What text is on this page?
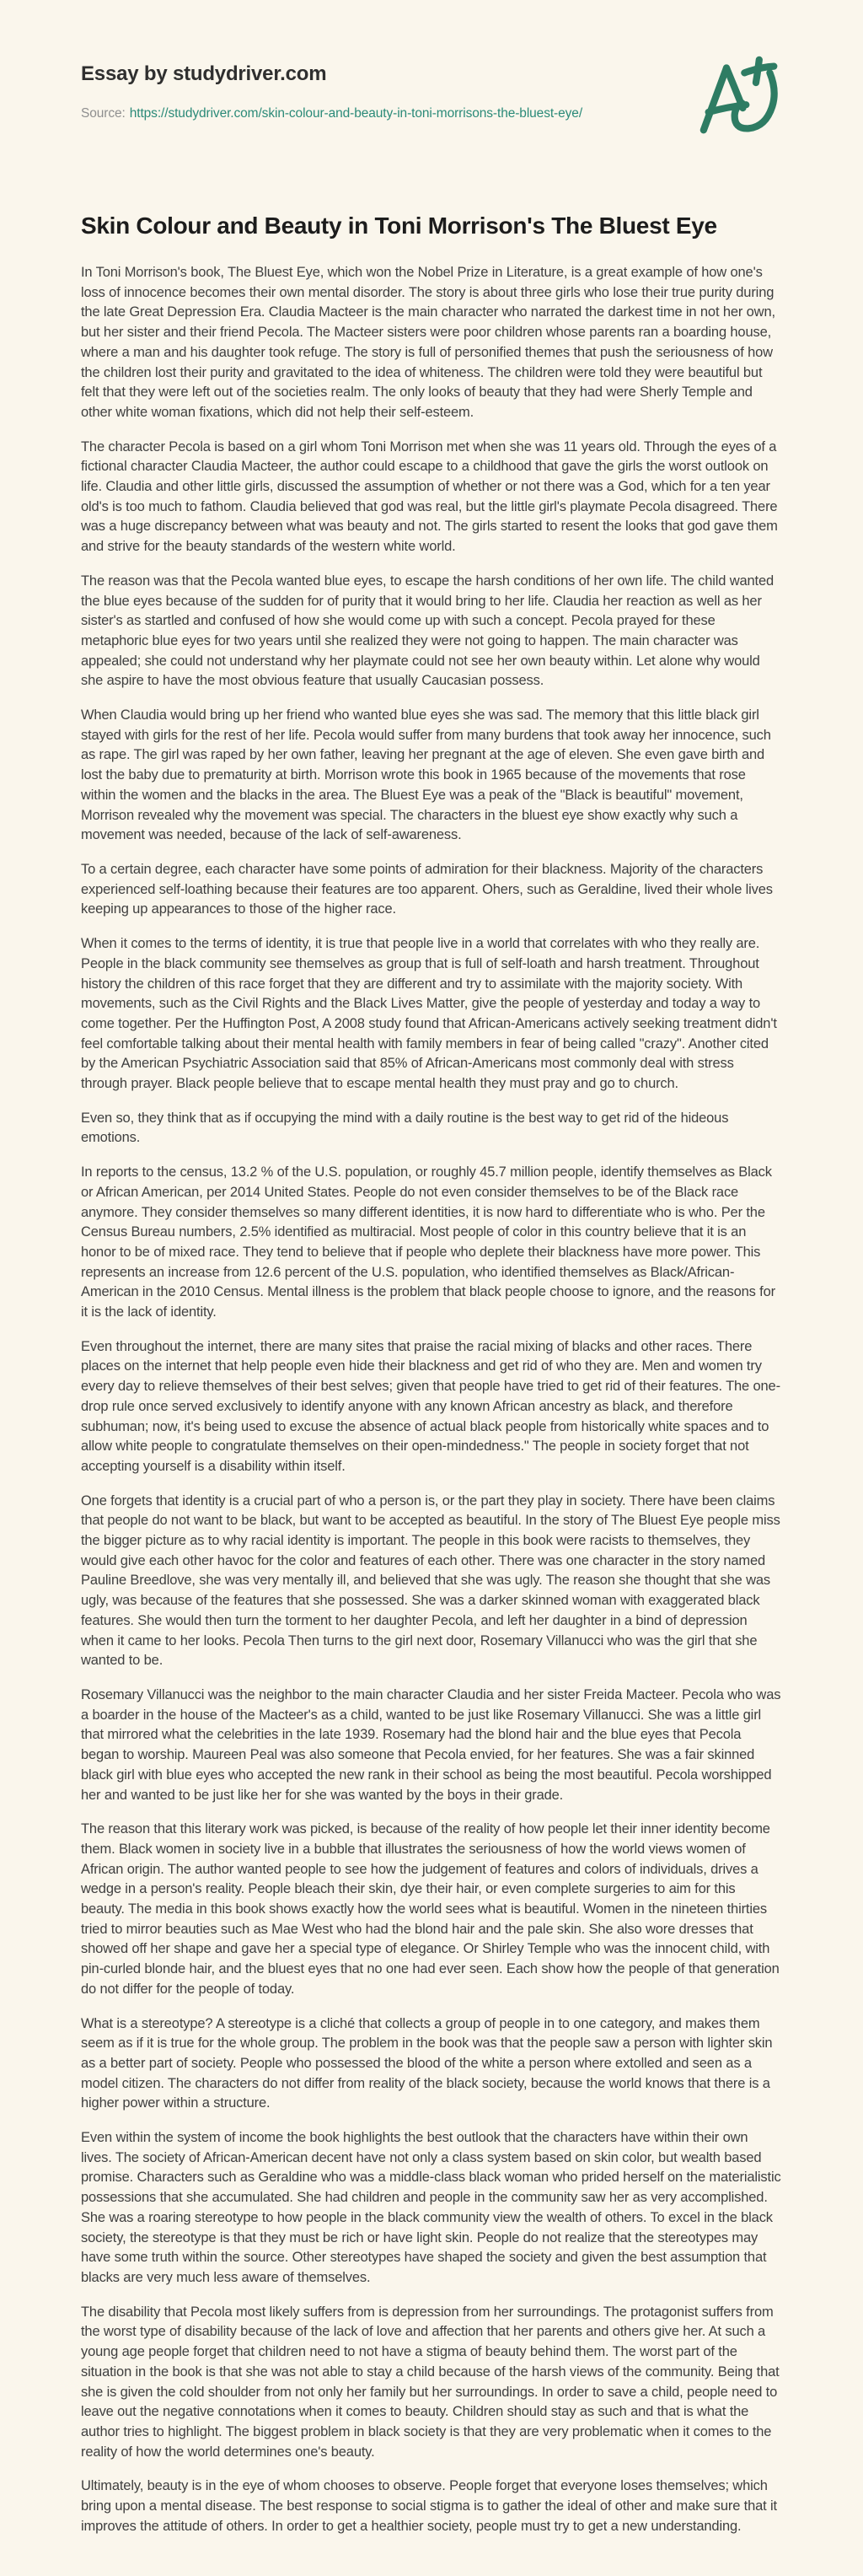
Essay by studydriver.com

Source: https://studydriver.com/skin-colour-and-beauty-in-toni-morrisons-the-bluest-eye/

Skin Colour and Beauty in Toni Morrison's The Bluest Eye

In Toni Morrison's book, The Bluest Eye, which won the Nobel Prize in Literature, is a great example of how one's loss of innocence becomes their own mental disorder. The story is about three girls who lose their true purity during the late Great Depression Era. Claudia Macteer is the main character who narrated the darkest time in not her own, but her sister and their friend Pecola. The Macteer sisters were poor children whose parents ran a boarding house, where a man and his daughter took refuge. The story is full of personified themes that push the seriousness of how the children lost their purity and gravitated to the idea of whiteness. The children were told they were beautiful but felt that they were left out of the societies realm. The only looks of beauty that they had were Sherly Temple and other white woman fixations, which did not help their self-esteem.

The character Pecola is based on a girl whom Toni Morrison met when she was 11 years old. Through the eyes of a fictional character Claudia Macteer, the author could escape to a childhood that gave the girls the worst outlook on life. Claudia and other little girls, discussed the assumption of whether or not there was a God, which for a ten year old's is too much to fathom. Claudia believed that god was real, but the little girl's playmate Pecola disagreed. There was a huge discrepancy between what was beauty and not. The girls started to resent the looks that god gave them and strive for the beauty standards of the western white world.

The reason was that the Pecola wanted blue eyes, to escape the harsh conditions of her own life. The child wanted the blue eyes because of the sudden for of purity that it would bring to her life. Claudia her reaction as well as her sister's as startled and confused of how she would come up with such a concept. Pecola prayed for these metaphoric blue eyes for two years until she realized they were not going to happen. The main character was appealed; she could not understand why her playmate could not see her own beauty within. Let alone why would she aspire to have the most obvious feature that usually Caucasian possess.

When Claudia would bring up her friend who wanted blue eyes she was sad. The memory that this little black girl stayed with girls for the rest of her life. Pecola would suffer from many burdens that took away her innocence, such as rape. The girl was raped by her own father, leaving her pregnant at the age of eleven. She even gave birth and lost the baby due to prematurity at birth. Morrison wrote this book in 1965 because of the movements that rose within the women and the blacks in the area. The Bluest Eye was a peak of the "Black is beautiful" movement, Morrison revealed why the movement was special. The characters in the bluest eye show exactly why such a movement was needed, because of the lack of self-awareness.

To a certain degree, each character have some points of admiration for their blackness. Majority of the characters experienced self-loathing because their features are too apparent. Ohers, such as Geraldine, lived their whole lives keeping up appearances to those of the higher race.

When it comes to the terms of identity, it is true that people live in a world that correlates with who they really are. People in the black community see themselves as group that is full of self-loath and harsh treatment. Throughout history the children of this race forget that they are different and try to assimilate with the majority society. With movements, such as the Civil Rights and the Black Lives Matter, give the people of yesterday and today a way to come together. Per the Huffington Post, A 2008 study found that African-Americans actively seeking treatment didn't feel comfortable talking about their mental health with family members in fear of being called "crazy". Another cited by the American Psychiatric Association said that 85% of African-Americans most commonly deal with stress through prayer. Black people believe that to escape mental health they must pray and go to church.

Even so, they think that as if occupying the mind with a daily routine is the best way to get rid of the hideous emotions.

In reports to the census, 13.2 % of the U.S. population, or roughly 45.7 million people, identify themselves as Black or African American, per 2014 United States. People do not even consider themselves to be of the Black race anymore. They consider themselves so many different identities, it is now hard to differentiate who is who. Per the Census Bureau numbers, 2.5% identified as multiracial. Most people of color in this country believe that it is an honor to be of mixed race. They tend to believe that if people who deplete their blackness have more power. This represents an increase from 12.6 percent of the U.S. population, who identified themselves as Black/African-American in the 2010 Census. Mental illness is the problem that black people choose to ignore, and the reasons for it is the lack of identity.

Even throughout the internet, there are many sites that praise the racial mixing of blacks and other races. There places on the internet that help people even hide their blackness and get rid of who they are. Men and women try every day to relieve themselves of their best selves; given that people have tried to get rid of their features. The one-drop rule once served exclusively to identify anyone with any known African ancestry as black, and therefore subhuman; now, it's being used to excuse the absence of actual black people from historically white spaces and to allow white people to congratulate themselves on their open-mindedness." The people in society forget that not accepting yourself is a disability within itself.

One forgets that identity is a crucial part of who a person is, or the part they play in society. There have been claims that people do not want to be black, but want to be accepted as beautiful. In the story of The Bluest Eye people miss the bigger picture as to why racial identity is important. The people in this book were racists to themselves, they would give each other havoc for the color and features of each other. There was one character in the story named Pauline Breedlove, she was very mentally ill, and believed that she was ugly. The reason she thought that she was ugly, was because of the features that she possessed. She was a darker skinned woman with exaggerated black features. She would then turn the torment to her daughter Pecola, and left her daughter in a bind of depression when it came to her looks. Pecola Then turns to the girl next door, Rosemary Villanucci who was the girl that she wanted to be.

Rosemary Villanucci was the neighbor to the main character Claudia and her sister Freida Macteer. Pecola who was a boarder in the house of the Macteer's as a child, wanted to be just like Rosemary Villanucci. She was a little girl that mirrored what the celebrities in the late 1939. Rosemary had the blond hair and the blue eyes that Pecola began to worship. Maureen Peal was also someone that Pecola envied, for her features. She was a fair skinned black girl with blue eyes who accepted the new rank in their school as being the most beautiful. Pecola worshipped her and wanted to be just like her for she was wanted by the boys in their grade.

The reason that this literary work was picked, is because of the reality of how people let their inner identity become them. Black women in society live in a bubble that illustrates the seriousness of how the world views women of African origin. The author wanted people to see how the judgement of features and colors of individuals, drives a wedge in a person's reality. People bleach their skin, dye their hair, or even complete surgeries to aim for this beauty. The media in this book shows exactly how the world sees what is beautiful. Women in the nineteen thirties tried to mirror beauties such as Mae West who had the blond hair and the pale skin. She also wore dresses that showed off her shape and gave her a special type of elegance. Or Shirley Temple who was the innocent child, with pin-curled blonde hair, and the bluest eyes that no one had ever seen. Each show how the people of that generation do not differ for the people of today.

What is a stereotype? A stereotype is a cliché that collects a group of people in to one category, and makes them seem as if it is true for the whole group. The problem in the book was that the people saw a person with lighter skin as a better part of society. People who possessed the blood of the white a person where extolled and seen as a model citizen. The characters do not differ from reality of the black society, because the world knows that there is a higher power within a structure.

Even within the system of income the book highlights the best outlook that the characters have within their own lives. The society of African-American decent have not only a class system based on skin color, but wealth based promise. Characters such as Geraldine who was a middle-class black woman who prided herself on the materialistic possessions that she accumulated. She had children and people in the community saw her as very accomplished. She was a roaring stereotype to how people in the black community view the wealth of others. To excel in the black society, the stereotype is that they must be rich or have light skin. People do not realize that the stereotypes may have some truth within the source. Other stereotypes have shaped the society and given the best assumption that blacks are very much less aware of themselves.

The disability that Pecola most likely suffers from is depression from her surroundings. The protagonist suffers from the worst type of disability because of the lack of love and affection that her parents and others give her. At such a young age people forget that children need to not have a stigma of beauty behind them. The worst part of the situation in the book is that she was not able to stay a child because of the harsh views of the community. Being that she is given the cold shoulder from not only her family but her surroundings. In order to save a child, people need to leave out the negative connotations when it comes to beauty. Children should stay as such and that is what the author tries to highlight. The biggest problem in black society is that they are very problematic when it comes to the reality of how the world determines one's beauty.

Ultimately, beauty is in the eye of whom chooses to observe. People forget that everyone loses themselves; which bring upon a mental disease. The best response to social stigma is to gather the ideal of other and make sure that it improves the attitude of others. In order to get a healthier society, people must try to get a new understanding.
